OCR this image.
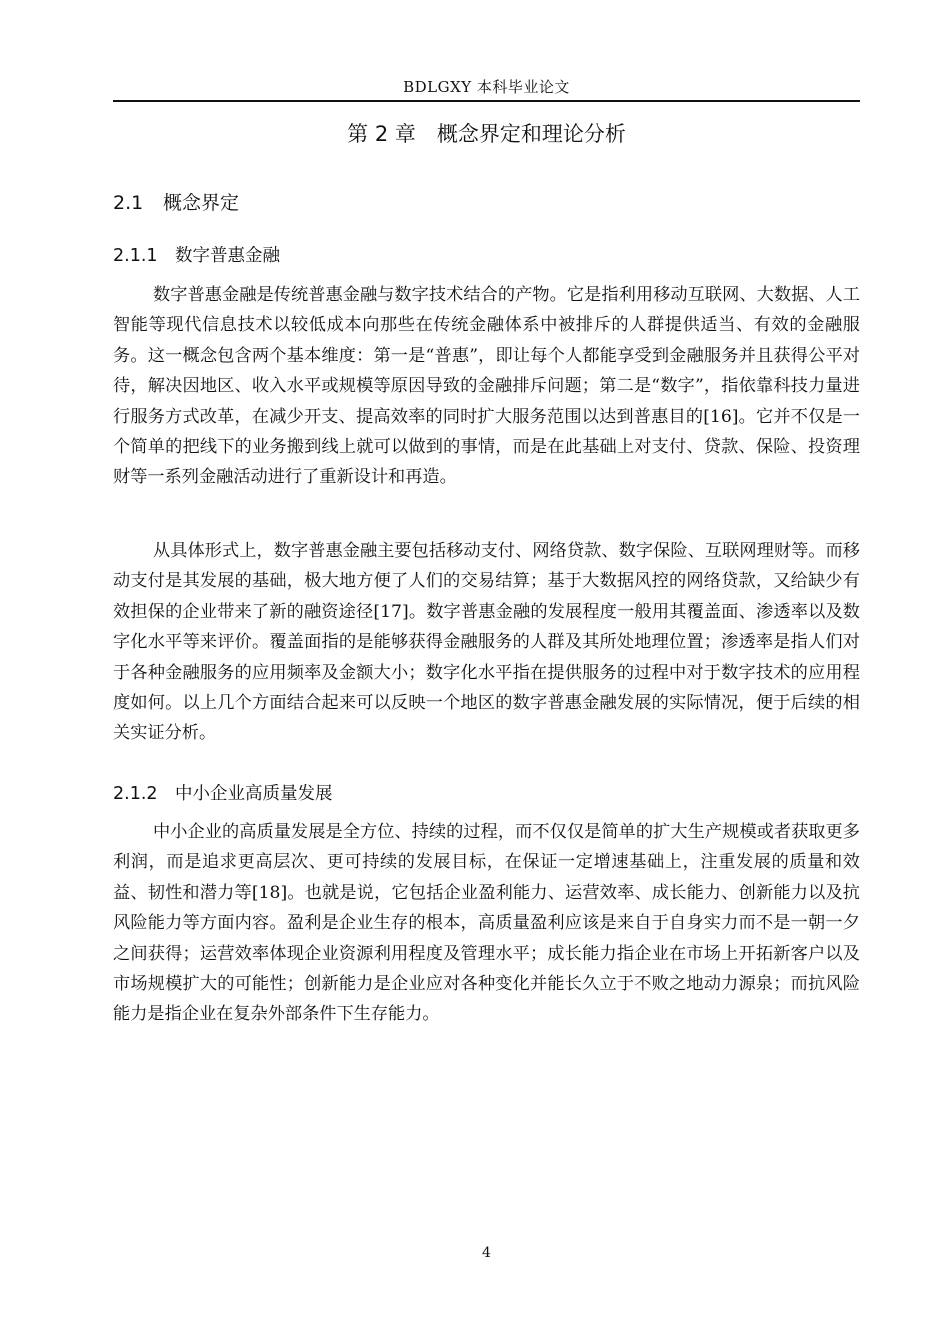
BDLGXY 本科毕业论文
第 2 章　概念界定和理论分析
2.1 概念界定
2.1.1 数字普惠金融

数字普惠金融是传统普惠金融与数字技术结合的产物。它是指利用移动互联网、大数据、人工智能等现代信息技术以较低成本向那些在传统金融体系中被排斥的人群提供适当、有效的金融服务。这一概念包含两个基本维度：第一是“普惠”，即让每个人都能享受到金融服务并且获得公平对待，解决因地区、收入水平或规模等原因导致的金融排斥问题；第二是“数字”，指依靠科技力量进行服务方式改革，在减少开支、提高效率的同时扩大服务范围以达到普惠目的[16]。它并不仅是一个简单的把线下的业务搬到线上就可以做到的事情，而是在此基础上对支付、贷款、保险、投资理财等一系列金融活动进行了重新设计和再造。

从具体形式上，数字普惠金融主要包括移动支付、网络贷款、数字保险、互联网理财等。而移动支付是其发展的基础，极大地方便了人们的交易结算；基于大数据风控的网络贷款，又给缺少有效担保的企业带来了新的融资途径[17]。数字普惠金融的发展程度一般用其覆盖面、渗透率以及数字化水平等来评价。覆盖面指的是能够获得金融服务的人群及其所处地理位置；渗透率是指人们对于各种金融服务的应用频率及金额大小；数字化水平指在提供服务的过程中对于数字技术的应用程度如何。以上几个方面结合起来可以反映一个地区的数字普惠金融发展的实际情况，便于后续的相关实证分析。

2.1.2 中小企业高质量发展

中小企业的高质量发展是全方位、持续的过程，而不仅仅是简单的扩大生产规模或者获取更多利润，而是追求更高层次、更可持续的发展目标，在保证一定增速基础上，注重发展的质量和效益、韧性和潜力等[18]。也就是说，它包括企业盈利能力、运营效率、成长能力、创新能力以及抗风险能力等方面内容。盈利是企业生存的根本，高质量盈利应该是来自于自身实力而不是一朝一夕之间获得；运营效率体现企业资源利用程度及管理水平；成长能力指企业在市场上开拓新客户以及市场规模扩大的可能性；创新能力是企业应对各种变化并能长久立于不败之地动力源泉；而抗风险能力是指企业在复杂外部条件下生存能力。

4
